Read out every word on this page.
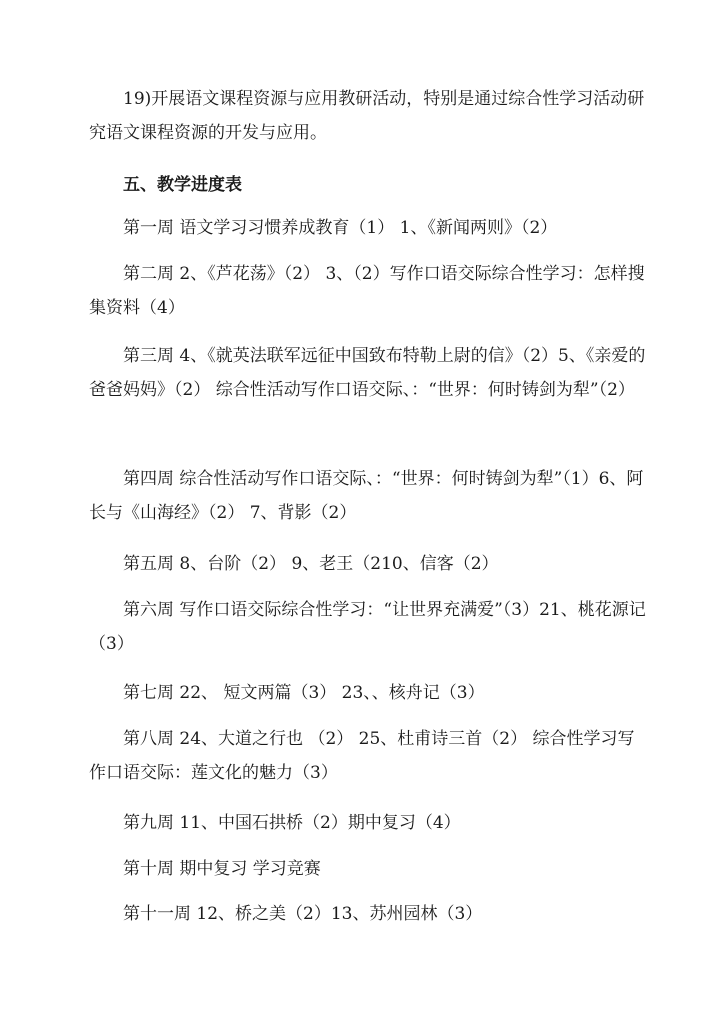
19)开展语文课程资源与应用教研活动，特别是通过综合性学习活动研究语文课程资源的开发与应用。

五、教学进度表

第一周 语文学习习惯养成教育（1） 1、《新闻两则》（2）

第二周 2、《芦花荡》（2） 3、（2）写作口语交际综合性学习：怎样搜集资料（4）

第三周 4、《就英法联军远征中国致布特勒上尉的信》（2）5、《亲爱的爸爸妈妈》（2） 综合性活动写作口语交际、：“世界：何时铸剑为犁”（2）

第四周 综合性活动写作口语交际、：“世界：何时铸剑为犁”（1）6、阿长与《山海经》（2） 7、背影（2）

第五周 8、台阶（2） 9、老王（210、信客（2）

第六周 写作口语交际综合性学习：“让世界充满爱”（3）21、桃花源记（3）

第七周 22、 短文两篇（3） 23、、核舟记（3）

第八周 24、大道之行也 （2） 25、杜甫诗三首（2） 综合性学习写作口语交际：莲文化的魅力（3）

第九周 11、中国石拱桥（2）期中复习（4）

第十周 期中复习 学习竞赛

第十一周 12、桥之美（2）13、苏州园林（3）
